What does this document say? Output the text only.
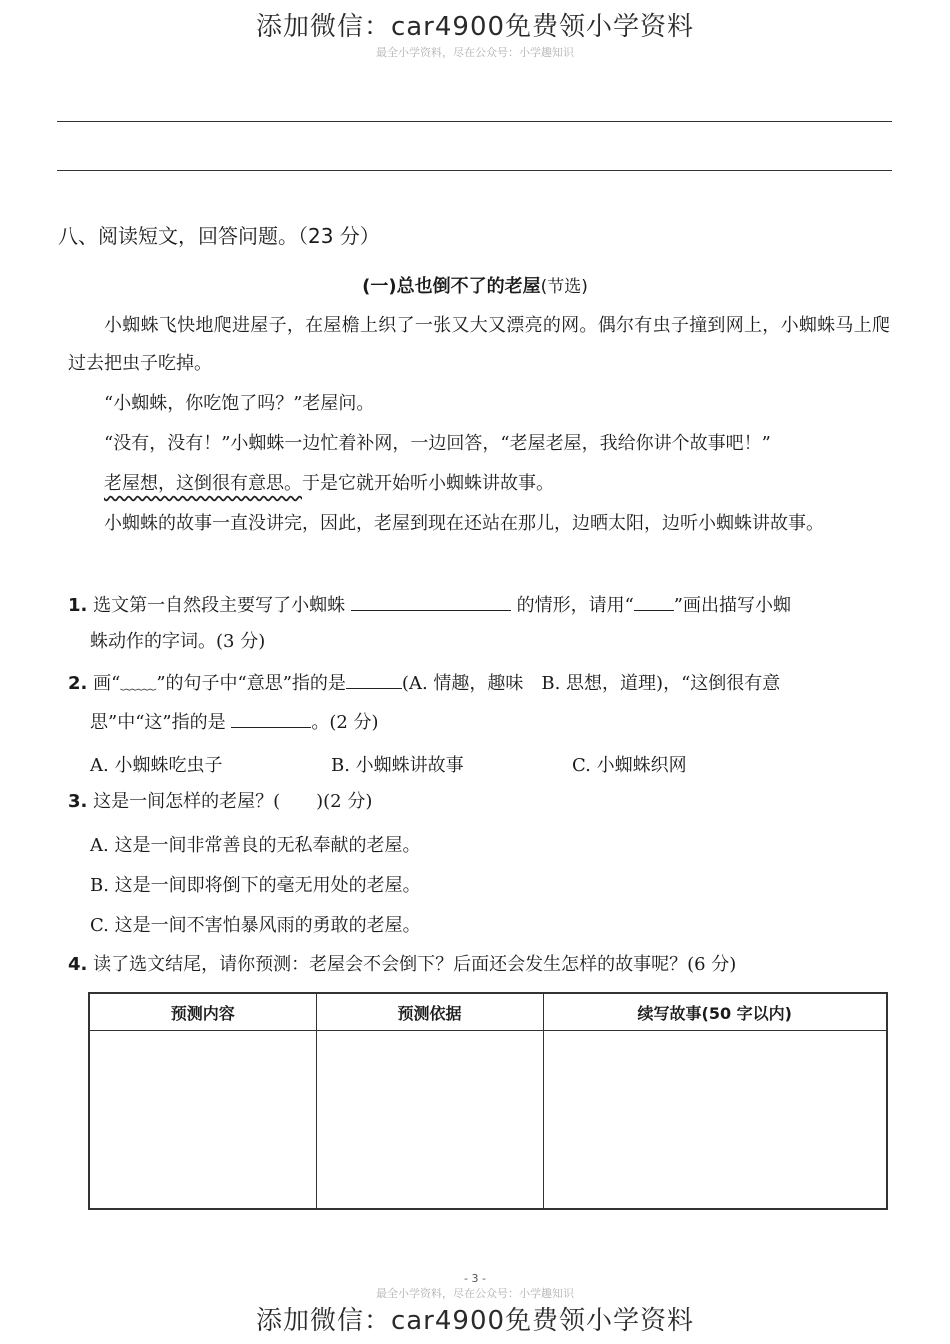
添加微信：car4900免费领小学资料
最全小学资料，尽在公众号：小学趣知识
八、阅读短文，回答问题。（23 分）
(一)总也倒不了的老屋(节选)
小蜘蛛飞快地爬进屋子，在屋檐上织了一张又大又漂亮的网。偶尔有虫子撞到网上，小蜘蛛马上爬过去把虫子吃掉。
“小蜘蛛，你吃饱了吗？”老屋问。
“没有，没有！”小蜘蛛一边忙着补网，一边回答，“老屋老屋，我给你讲个故事吧！”
老屋想，这倒很有意思。于是它就开始听小蜘蛛讲故事。
小蜘蛛的故事一直没讲完，因此，老屋到现在还站在那儿，边晒太阳，边听小蜘蛛讲故事。
1. 选文第一自然段主要写了小蜘蛛	的情形，请用“ ”画出描写小蜘
蛛动作的字词。(3 分)
2. 画“﹏﹏”的句子中“意思”指的是	(A. 情趣，趣味　B. 思想，道理)，“这倒很有意
思”中“这”指的是	。(2 分)
A. 小蜘蛛吃虫子	B. 小蜘蛛讲故事	C. 小蜘蛛织网
3. 这是一间怎样的老屋？(　　)(2 分)
A. 这是一间非常善良的无私奉献的老屋。
B. 这是一间即将倒下的毫无用处的老屋。
C. 这是一间不害怕暴风雨的勇敢的老屋。
4. 读了选文结尾，请你预测：老屋会不会倒下？后面还会发生怎样的故事呢？(6 分)
预测内容	预测依据	续写故事(50 字以内)

- 3 -
最全小学资料，尽在公众号：小学趣知识
添加微信：car4900免费领小学资料
